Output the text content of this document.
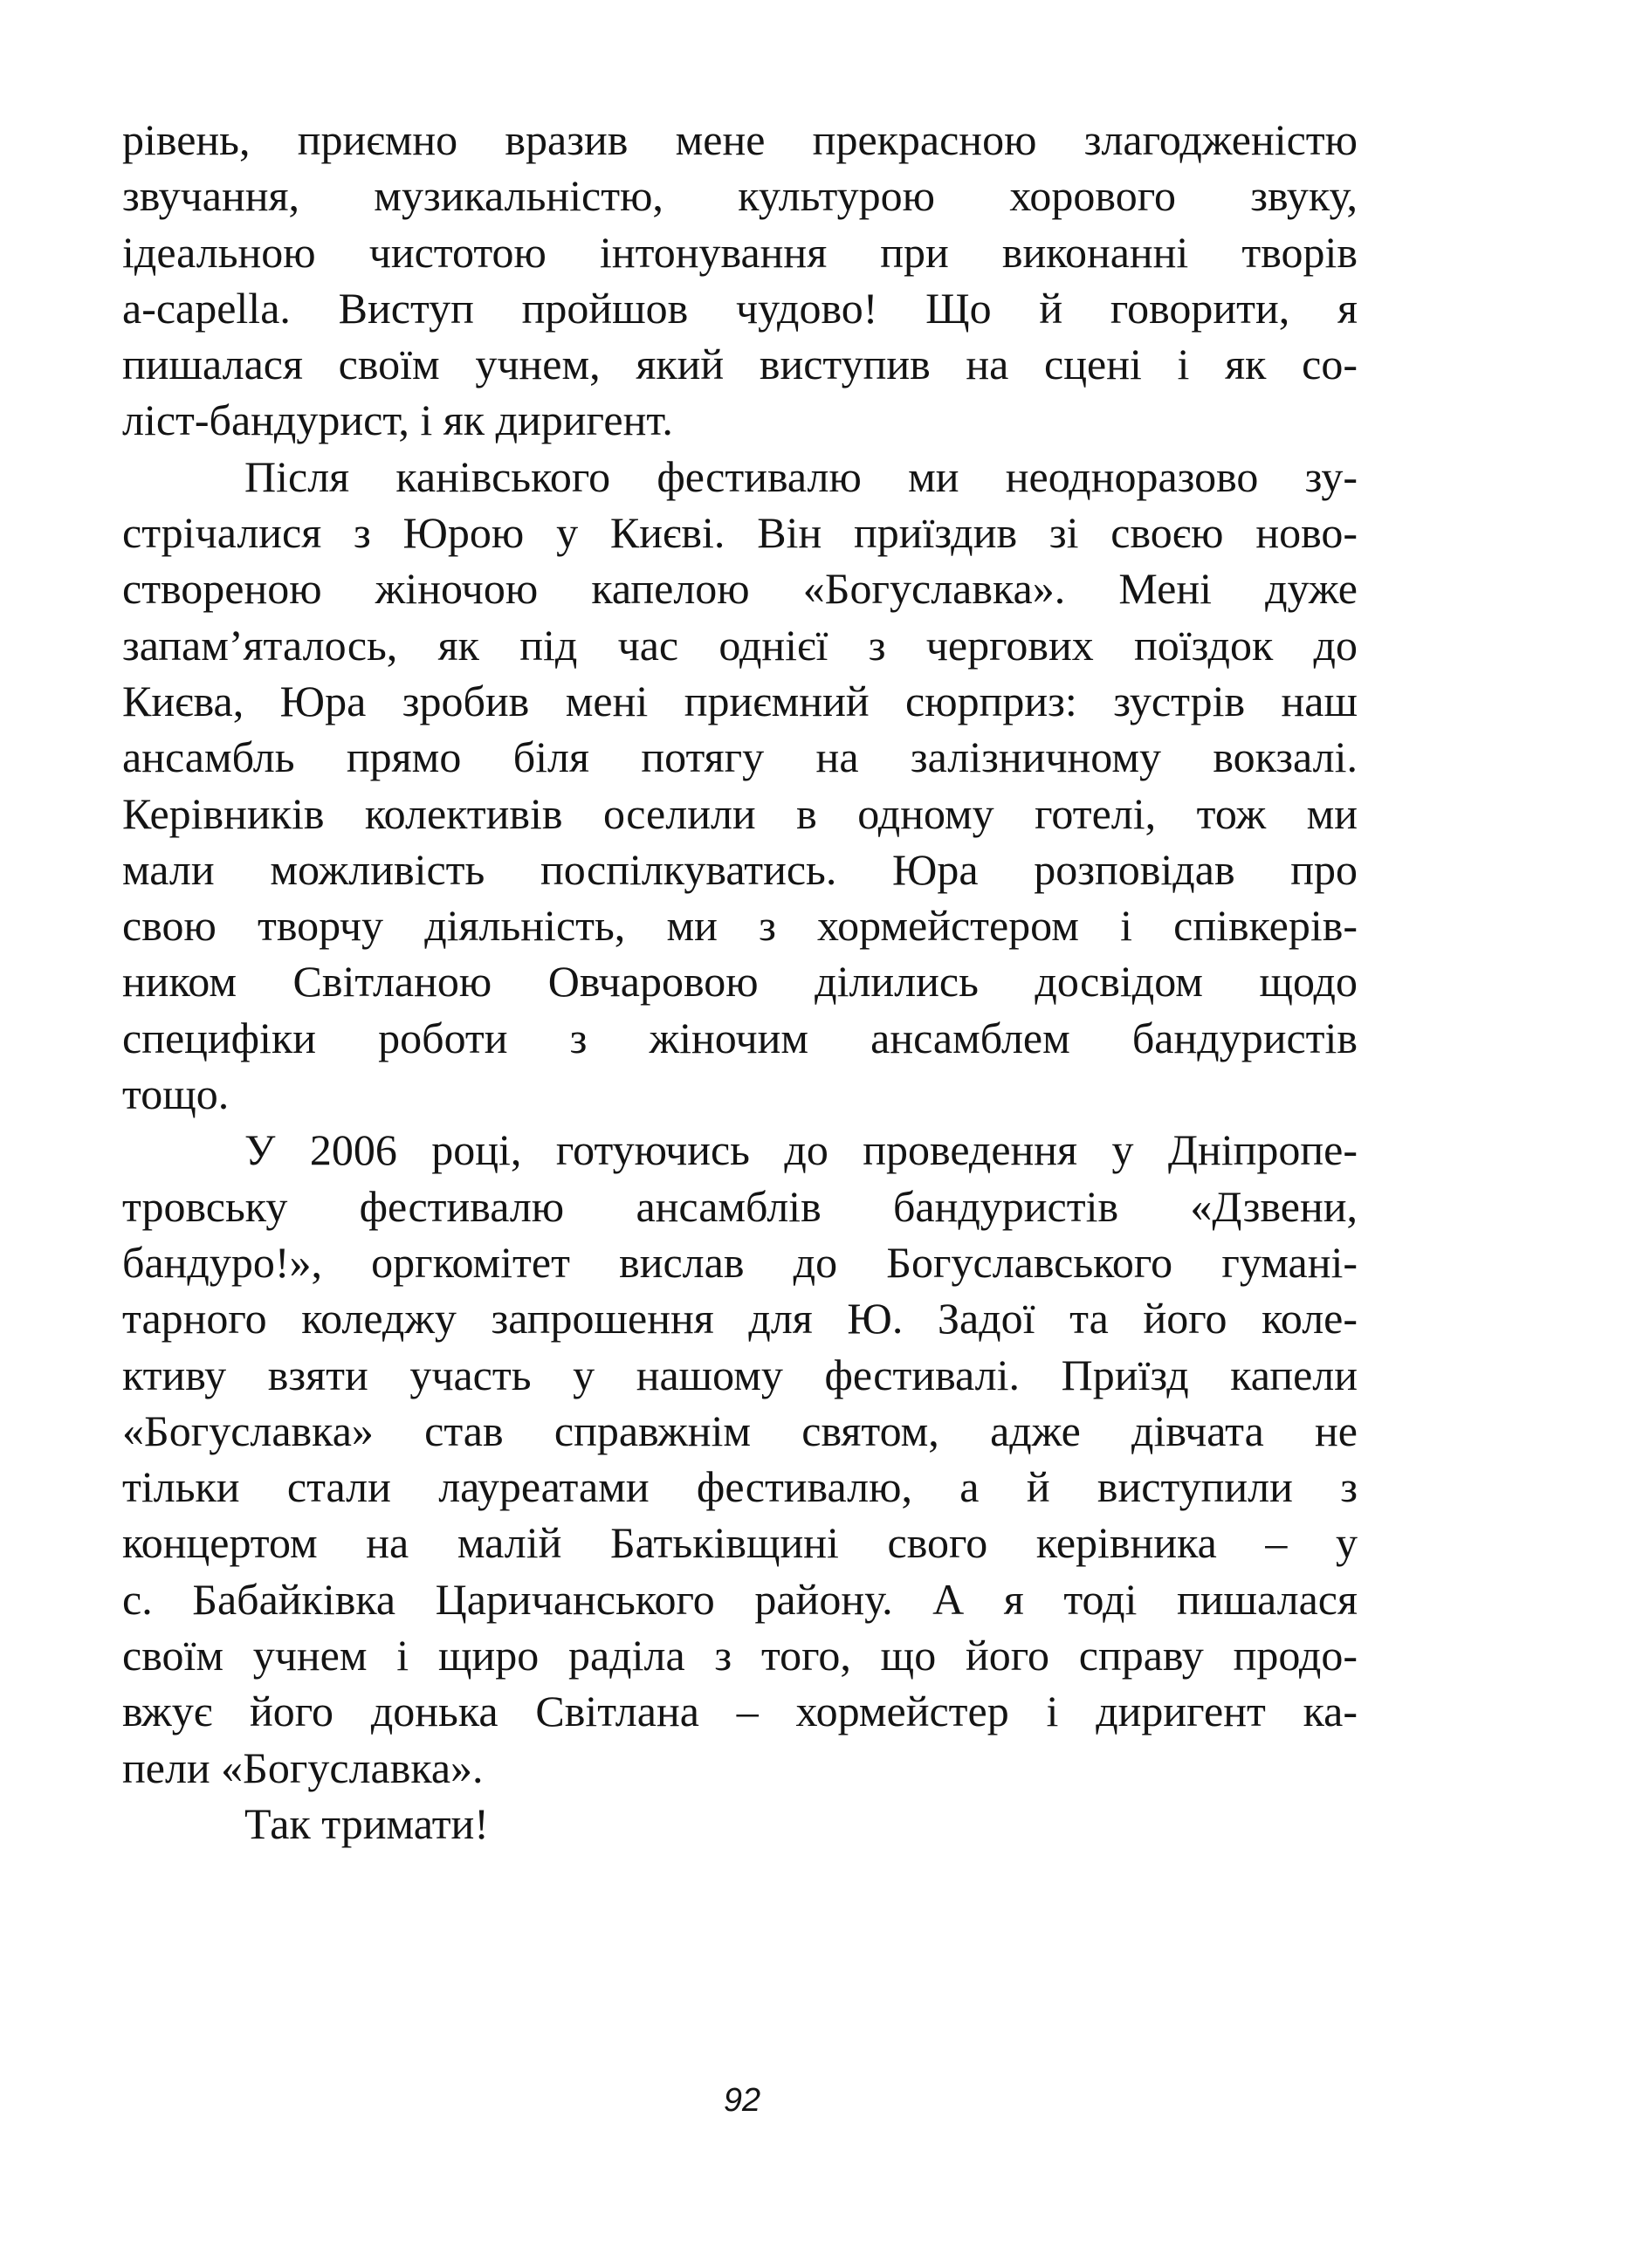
рівень, приємно вразив мене прекрасною злагодженістю
звучання, музикальністю, культурою хорового звуку,
ідеальною чистотою інтонування при виконанні творів
a-capella. Виступ пройшов чудово! Що й говорити, я
пишалася своїм учнем, який виступив на сцені і як со-
ліст-бандурист, і як диригент.
Після канівського фестивалю ми неодноразово зу-
стрічалися з Юрою у Києві. Він приїздив зі своєю ново-
створеною жіночою капелою «Богуславка». Мені дуже
запам’яталось, як під час однієї з чергових поїздок до
Києва, Юра зробив мені приємний сюрприз: зустрів наш
ансамбль прямо біля потягу на залізничному вокзалі.
Керівників колективів оселили в одному готелі, тож ми
мали можливість поспілкуватись. Юра розповідав про
свою творчу діяльність, ми з хормейстером і співкерів-
ником Світланою Овчаровою ділились досвідом щодо
специфіки роботи з жіночим ансамблем бандуристів
тощо.
У 2006 році, готуючись до проведення у Дніпропе-
тровську фестивалю ансамблів бандуристів «Дзвени,
бандуро!», оргкомітет вислав до Богуславського гумані-
тарного коледжу запрошення для Ю. Задої та його коле-
ктиву взяти участь у нашому фестивалі. Приїзд капели
«Богуславка» став справжнім святом, адже дівчата не
тільки стали лауреатами фестивалю, а й виступили з
концертом на малій Батьківщині свого керівника – у
с. Бабайківка Царичанського району. А я тоді пишалася
своїм учнем і щиро раділа з того, що його справу продо-
вжує його донька Світлана – хормейстер і диригент ка-
пели «Богуславка».
Так тримати!
92
